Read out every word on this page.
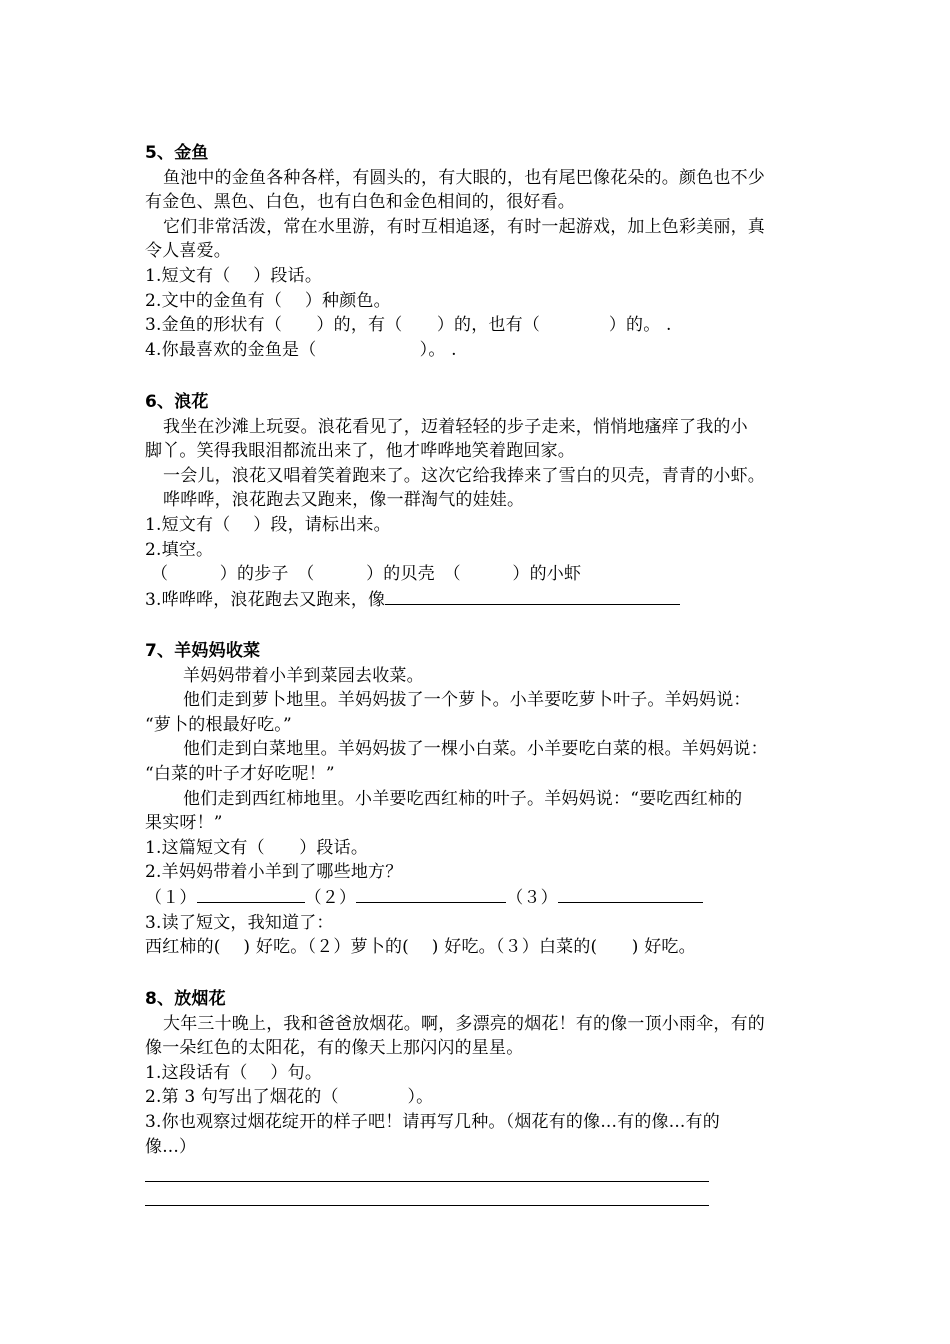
5、金鱼
鱼池中的金鱼各种各样，有圆头的，有大眼的，也有尾巴像花朵的。颜色也不少
有金色、黑色、白色，也有白色和金色相间的，很好看。
它们非常活泼，常在水里游，有时互相追逐，有时一起游戏，加上色彩美丽，真
令人喜爱。
1.短文有（　 ）段话。
2.文中的金鱼有（　 ）种颜色。
3.金鱼的形状有（　　）的，有（　　）的，也有（　　　　）的。 .
4.你最喜欢的金鱼是（　　　　　　）。 .
6、浪花
我坐在沙滩上玩耍。浪花看见了，迈着轻轻的步子走来，悄悄地瘙痒了我的小
脚丫。笑得我眼泪都流出来了，他才哗哗地笑着跑回家。
一会儿，浪花又唱着笑着跑来了。这次它给我捧来了雪白的贝壳，青青的小虾。
哗哗哗，浪花跑去又跑来，像一群淘气的娃娃。
1.短文有（　 ）段，请标出来。
2.填空。
（　　　）的步子　（　　　）的贝壳　（　　　）的小虾
3.哗哗哗，浪花跑去又跑来，像
7、羊妈妈收菜
羊妈妈带着小羊到菜园去收菜。
他们走到萝卜地里。羊妈妈拔了一个萝卜。小羊要吃萝卜叶子。羊妈妈说：
“萝卜的根最好吃。”
他们走到白菜地里。羊妈妈拔了一棵小白菜。小羊要吃白菜的根。羊妈妈说：
“白菜的叶子才好吃呢！”
他们走到西红柿地里。小羊要吃西红柿的叶子。羊妈妈说：“要吃西红柿的
果实呀！”
1.这篇短文有（　　）段话。
2.羊妈妈带着小羊到了哪些地方？
（１）	（２）	（３）
3.读了短文，我知道了：
西红柿的(　 ) 好吃。（２）萝卜的(　 ) 好吃。（３）白菜的(　　) 好吃。
8、放烟花
大年三十晚上，我和爸爸放烟花。啊，多漂亮的烟花！有的像一顶小雨伞，有的
像一朵红色的太阳花，有的像天上那闪闪的星星。
1.这段话有（　 ）句。
2.第 3 句写出了烟花的（　　　　）。
3.你也观察过烟花绽开的样子吧！请再写几种。（烟花有的像...有的像...有的
像...）
